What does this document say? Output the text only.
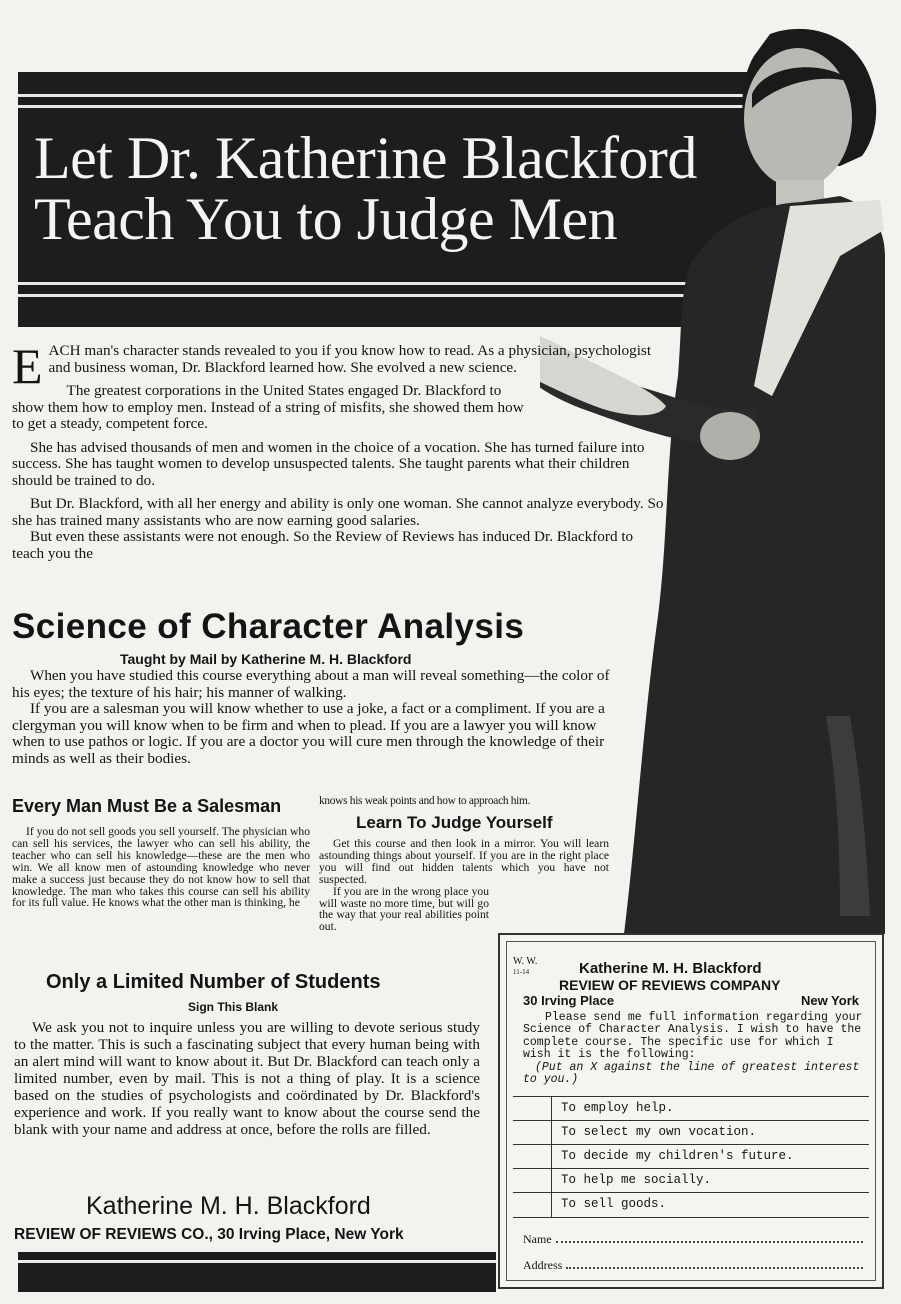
Let Dr. Katherine Blackford
Teach You to Judge Men

E ACH man's character stands revealed to you if you know how to read. As a physician, psychologist and business woman, Dr. Blackford learned how. She evolved a new science.

The greatest corporations in the United States engaged Dr. Blackford to show them how to employ men. Instead of a string of misfits, she showed them how to get a steady, competent force.

She has advised thousands of men and women in the choice of a vocation. She has turned failure into success. She has taught women to develop unsuspected talents. She taught parents what their children should be trained to do.

But Dr. Blackford, with all her energy and ability is only one woman. She cannot analyze everybody. So she has trained many assistants who are now earning good salaries.

But even these assistants were not enough. So the Review of Reviews has induced Dr. Blackford to teach you the

Science of Character Analysis
Taught by Mail by Katherine M. H. Blackford

When you have studied this course everything about a man will reveal something—the color of his eyes; the texture of his hair; his manner of walking.

If you are a salesman you will know whether to use a joke, a fact or a compliment. If you are a clergyman you will know when to be firm and when to plead. If you are a lawyer you will know when to use pathos or logic. If you are a doctor you will cure men through the knowledge of their minds as well as their bodies.

Every Man Must Be a Salesman

If you do not sell goods you sell yourself. The physician who can sell his services, the lawyer who can sell his ability, the teacher who can sell his knowledge—these are the men who win. We all know men of astounding knowledge who never make a success just because they do not know how to sell that knowledge. The man who takes this course can sell his ability for its full value. He knows what the other man is thinking, he

knows his weak points and how to approach him.
Learn To Judge Yourself

Get this course and then look in a mirror. You will learn astounding things about yourself. If you are in the right place you will find out hidden talents which you have not suspected.

If you are in the wrong place you will waste no more time, but will go the way that your real abilities point out.

Only a Limited Number of Students
Sign This Blank

We ask you not to inquire unless you are willing to devote serious study to the matter. This is such a fascinating subject that every human being with an alert mind will want to know about it. But Dr. Blackford can teach only a limited number, even by mail. This is not a thing of play. It is a science based on the studies of psychologists and coördinated by Dr. Blackford's experience and work. If you really want to know about the course send the blank with your name and address at once, before the rolls are filled.

Katherine M. H. Blackford
REVIEW OF REVIEWS CO., 30 Irving Place, New York
W. W.
11-14	Katherine M. H. Blackford
REVIEW OF REVIEWS COMPANY
30 Irving Place	New York
Please send me full information regarding your Science of Character Analysis. I wish to have the complete course. The specific use for which I wish it is the following:
(Put an X against the line of greatest interest to you.)
To employ help.
To select my own vocation.
To decide my children's future.
To help me socially.
To sell goods.
Name
Address
